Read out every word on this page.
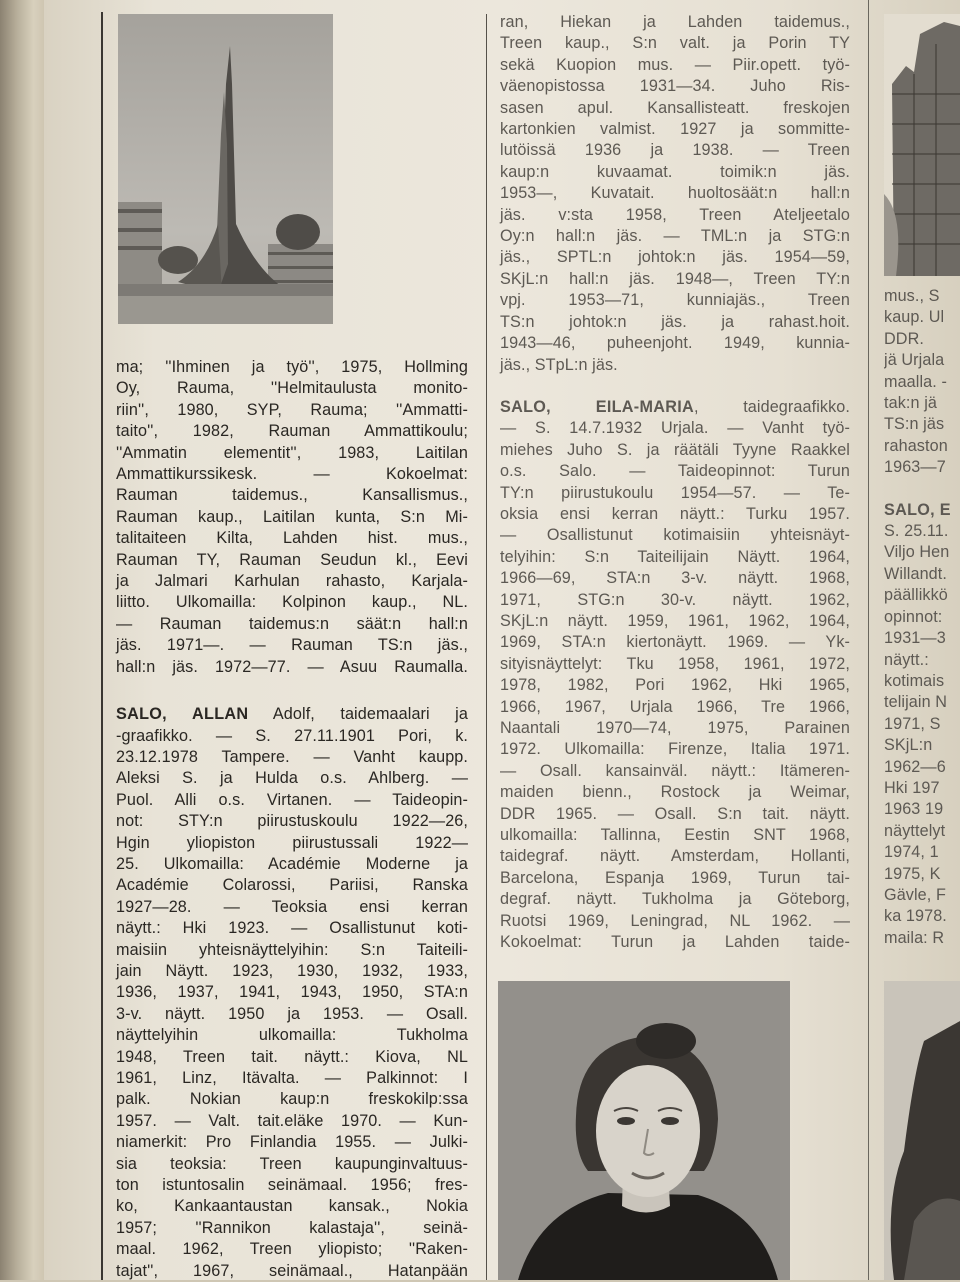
ma; ''Ihminen ja työ'', 1975, Hollming

Oy, Rauma, ''Helmitaulusta monito-

riin'', 1980, SYP, Rauma; ''Ammatti-

taito'', 1982, Rauman Ammattikoulu;

''Ammatin elementit'', 1983, Laitilan

Ammattikurssikesk. — Kokoelmat:

Rauman taidemus., Kansallismus.,

Rauman kaup., Laitilan kunta, S:n Mi-

talitaiteen Kilta, Lahden hist. mus.,

Rauman TY, Rauman Seudun kl., Eevi

ja Jalmari Karhulan rahasto, Karjala-

liitto. Ulkomailla: Kolpinon kaup., NL.

— Rauman taidemus:n säät:n hall:n

jäs. 1971—. — Rauman TS:n jäs.,

hall:n jäs. 1972—77. — Asuu Raumalla.

SALO, ALLAN Adolf, taidemaalari ja

-graafikko. — S. 27.11.1901 Pori, k.

23.12.1978 Tampere. — Vanht kaupp.

Aleksi S. ja Hulda o.s. Ahlberg. —

Puol. Alli o.s. Virtanen. — Taideopin-

not: STY:n piirustuskoulu 1922—26,

Hgin yliopiston piirustussali 1922—

25. Ulkomailla: Académie Moderne ja

Académie Colarossi, Pariisi, Ranska

1927—28. — Teoksia ensi kerran

näytt.: Hki 1923. — Osallistunut koti-

maisiin yhteisnäyttelyihin: S:n Taiteili-

jain Näytt. 1923, 1930, 1932, 1933,

1936, 1937, 1941, 1943, 1950, STA:n

3-v. näytt. 1950 ja 1953. — Osall.

näyttelyihin ulkomailla: Tukholma

1948, Treen tait. näytt.: Kiova, NL

1961, Linz, Itävalta. — Palkinnot: I

palk. Nokian kaup:n freskokilp:ssa

1957. — Valt. tait.eläke 1970. — Kun-

niamerkit: Pro Finlandia 1955. — Julki-

sia teoksia: Treen kaupunginvaltuus-

ton istuntosalin seinämaal. 1956; fres-

ko, Kankaantaustan kansak., Nokia

1957; ''Rannikon kalastaja'', seinä-

maal. 1962, Treen yliopisto; ''Raken-

tajat'', 1967, seinämaal., Hatanpään

ran, Hiekan ja Lahden taidemus.,

Treen kaup., S:n valt. ja Porin TY

sekä Kuopion mus. — Piir.opett. työ-

väenopistossa 1931—34. Juho Ris-

sasen apul. Kansallisteatt. freskojen

kartonkien valmist. 1927 ja sommitte-

lutöissä 1936 ja 1938. — Treen

kaup:n kuvaamat. toimik:n jäs.

1953—, Kuvatait. huoltosäät:n hall:n

jäs. v:sta 1958, Treen Ateljeetalo

Oy:n hall:n jäs. — TML:n ja STG:n

jäs., SPTL:n johtok:n jäs. 1954—59,

SKjL:n hall:n jäs. 1948—, Treen TY:n

vpj. 1953—71, kunniajäs., Treen

TS:n johtok:n jäs. ja rahast.hoit.

1943—46, puheenjoht. 1949, kunnia-

jäs., STpL:n jäs.

SALO, EILA-MARIA, taidegraafikko.

— S. 14.7.1932 Urjala. — Vanht työ-

miehes Juho S. ja räätäli Tyyne Raakkel

o.s. Salo. — Taideopinnot: Turun

TY:n piirustukoulu 1954—57. — Te-

oksia ensi kerran näytt.: Turku 1957.

— Osallistunut kotimaisiin yhteisnäyt-

telyihin: S:n Taiteilijain Näytt. 1964,

1966—69, STA:n 3-v. näytt. 1968,

1971, STG:n 30-v. näytt. 1962,

SKjL:n näytt. 1959, 1961, 1962, 1964,

1969, STA:n kiertonäytt. 1969. — Yk-

sityisnäyttelyt: Tku 1958, 1961, 1972,

1978, 1982, Pori 1962, Hki 1965,

1966, 1967, Urjala 1966, Tre 1966,

Naantali 1970—74, 1975, Parainen

1972. Ulkomailla: Firenze, Italia 1971.

— Osall. kansainväl. näytt.: Itämeren-

maiden bienn., Rostock ja Weimar,

DDR 1965. — Osall. S:n tait. näytt.

ulkomailla: Tallinna, Eestin SNT 1968,

taidegraf. näytt. Amsterdam, Hollanti,

Barcelona, Espanja 1969, Turun tai-

degraf. näytt. Tukholma ja Göteborg,

Ruotsi 1969, Leningrad, NL 1962. —

Kokoelmat: Turun ja Lahden taide-

mus., S

kaup. Ul

DDR.

jä Urjala

maalla. -

tak:n jä

TS:n jäs

rahaston

1963—7

SALO, E

S. 25.11.

Viljo Hen

Willandt.

päällikkö

opinnot:

1931—3

näytt.:

kotimais

telijain N

1971, S

SKjL:n

1962—6

Hki 197

1963 19

näyttelyt

1974, 1

1975, K

Gävle, F

ka 1978.

maila: R
